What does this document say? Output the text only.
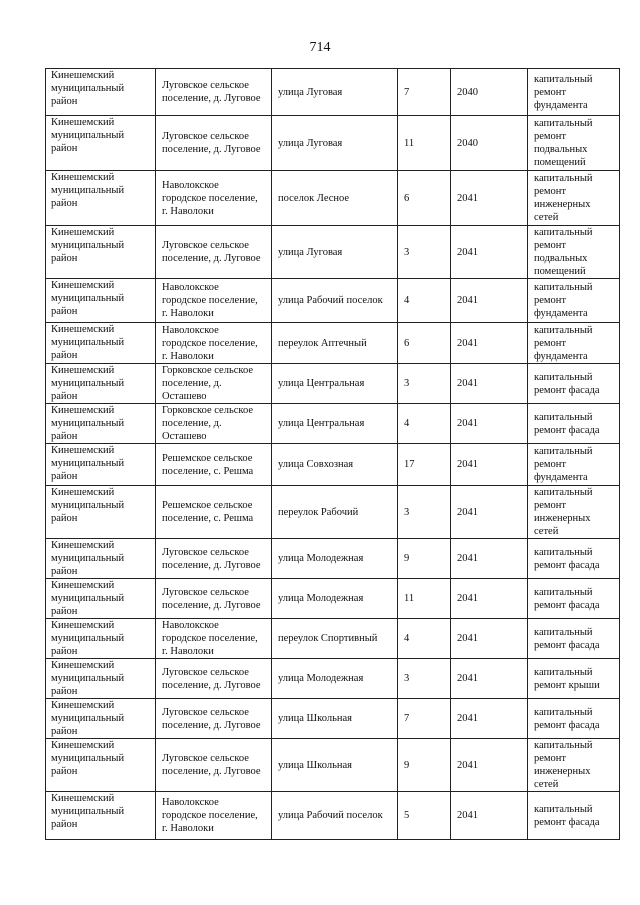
714
Кинешемский муниципальный район	Луговское сельское поселение, д. Луговое	улица Луговая	7	2040	капитальный ремонт фундамента
Кинешемский муниципальный район	Луговское сельское поселение, д. Луговое	улица Луговая	11	2040	капитальный ремонт подвальных помещений
Кинешемский муниципальный район	Наволокское городское поселение, г. Наволоки	поселок Лесное	6	2041	капитальный ремонт инженерных сетей
Кинешемский муниципальный район	Луговское сельское поселение, д. Луговое	улица Луговая	3	2041	капитальный ремонт подвальных помещений
Кинешемский муниципальный район	Наволокское городское поселение, г. Наволоки	улица Рабочий поселок	4	2041	капитальный ремонт фундамента
Кинешемский муниципальный район	Наволокское городское поселение, г. Наволоки	переулок Аптечный	6	2041	капитальный ремонт фундамента
Кинешемский муниципальный район	Горковское сельское поселение, д. Осташево	улица Центральная	3	2041	капитальный ремонт фасада
Кинешемский муниципальный район	Горковское сельское поселение, д. Осташево	улица Центральная	4	2041	капитальный ремонт фасада
Кинешемский муниципальный район	Решемское сельское поселение, с. Решма	улица Совхозная	17	2041	капитальный ремонт фундамента
Кинешемский муниципальный район	Решемское сельское поселение, с. Решма	переулок Рабочий	3	2041	капитальный ремонт инженерных сетей
Кинешемский муниципальный район	Луговское сельское поселение, д. Луговое	улица Молодежная	9	2041	капитальный ремонт фасада
Кинешемский муниципальный район	Луговское сельское поселение, д. Луговое	улица Молодежная	11	2041	капитальный ремонт фасада
Кинешемский муниципальный район	Наволокское городское поселение, г. Наволоки	переулок Спортивный	4	2041	капитальный ремонт фасада
Кинешемский муниципальный район	Луговское сельское поселение, д. Луговое	улица Молодежная	3	2041	капитальный ремонт крыши
Кинешемский муниципальный район	Луговское сельское поселение, д. Луговое	улица Школьная	7	2041	капитальный ремонт фасада
Кинешемский муниципальный район	Луговское сельское поселение, д. Луговое	улица Школьная	9	2041	капитальный ремонт инженерных сетей
Кинешемский муниципальный район	Наволокское городское поселение, г. Наволоки	улица Рабочий поселок	5	2041	капитальный ремонт фасада
